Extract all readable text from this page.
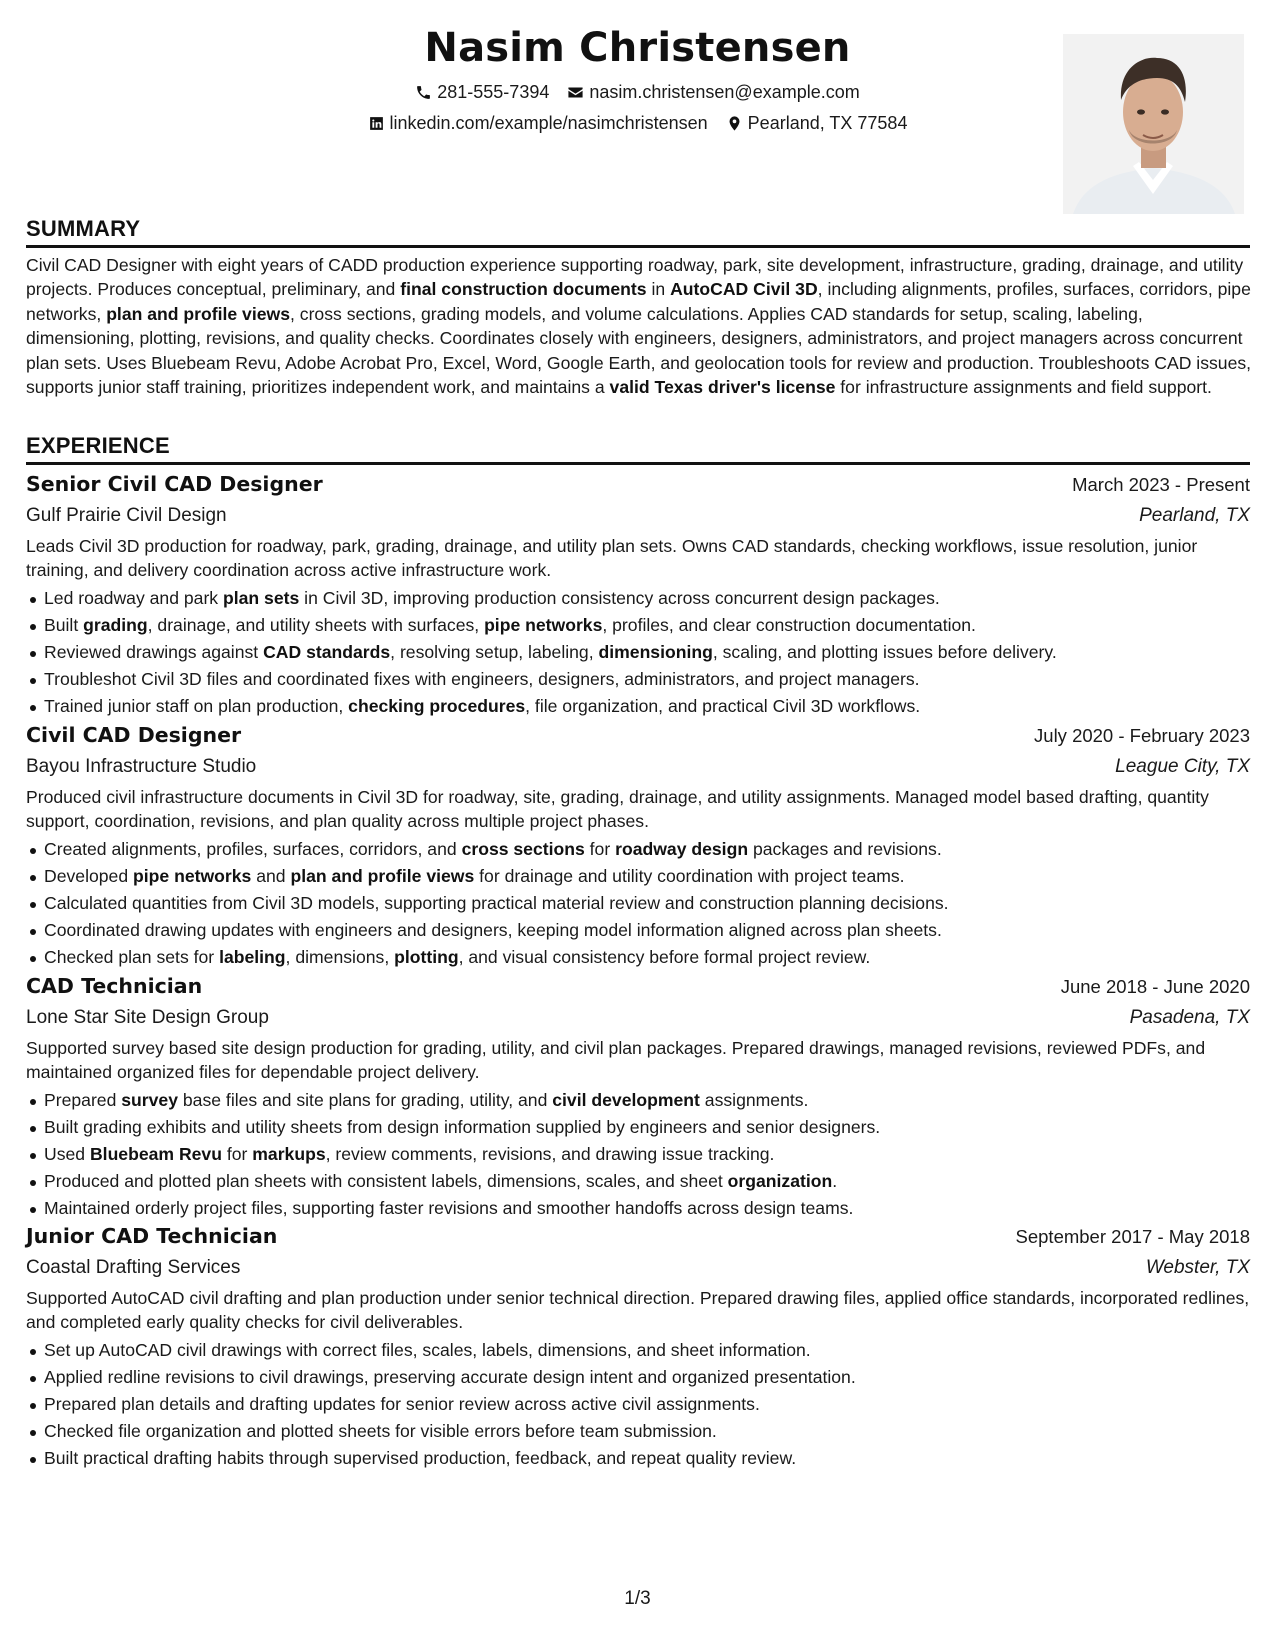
Nasim Christensen
281-555-7394 nasim.christensen@example.com
linkedin.com/example/nasimchristensen Pearland, TX 77584
SUMMARY
Civil CAD Designer with eight years of CADD production experience supporting roadway, park, site development, infrastructure, grading, drainage, and utility projects. Produces conceptual, preliminary, and final construction documents in AutoCAD Civil 3D, including alignments, profiles, surfaces, corridors, pipe networks, plan and profile views, cross sections, grading models, and volume calculations. Applies CAD standards for setup, scaling, labeling, dimensioning, plotting, revisions, and quality checks. Coordinates closely with engineers, designers, administrators, and project managers across concurrent plan sets. Uses Bluebeam Revu, Adobe Acrobat Pro, Excel, Word, Google Earth, and geolocation tools for review and production. Troubleshoots CAD issues, supports junior staff training, prioritizes independent work, and maintains a valid Texas driver's license for infrastructure assignments and field support.
EXPERIENCE
Senior Civil CAD Designer	March 2023 - Present
Gulf Prairie Civil Design	Pearland, TX
Leads Civil 3D production for roadway, park, grading, drainage, and utility plan sets. Owns CAD standards, checking workflows, issue resolution, junior training, and delivery coordination across active infrastructure work.
Led roadway and park plan sets in Civil 3D, improving production consistency across concurrent design packages.
Built grading, drainage, and utility sheets with surfaces, pipe networks, profiles, and clear construction documentation.
Reviewed drawings against CAD standards, resolving setup, labeling, dimensioning, scaling, and plotting issues before delivery.
Troubleshot Civil 3D files and coordinated fixes with engineers, designers, administrators, and project managers.
Trained junior staff on plan production, checking procedures, file organization, and practical Civil 3D workflows.
Civil CAD Designer	July 2020 - February 2023
Bayou Infrastructure Studio	League City, TX
Produced civil infrastructure documents in Civil 3D for roadway, site, grading, drainage, and utility assignments. Managed model based drafting, quantity support, coordination, revisions, and plan quality across multiple project phases.
Created alignments, profiles, surfaces, corridors, and cross sections for roadway design packages and revisions.
Developed pipe networks and plan and profile views for drainage and utility coordination with project teams.
Calculated quantities from Civil 3D models, supporting practical material review and construction planning decisions.
Coordinated drawing updates with engineers and designers, keeping model information aligned across plan sheets.
Checked plan sets for labeling, dimensions, plotting, and visual consistency before formal project review.
CAD Technician	June 2018 - June 2020
Lone Star Site Design Group	Pasadena, TX
Supported survey based site design production for grading, utility, and civil plan packages. Prepared drawings, managed revisions, reviewed PDFs, and maintained organized files for dependable project delivery.
Prepared survey base files and site plans for grading, utility, and civil development assignments.
Built grading exhibits and utility sheets from design information supplied by engineers and senior designers.
Used Bluebeam Revu for markups, review comments, revisions, and drawing issue tracking.
Produced and plotted plan sheets with consistent labels, dimensions, scales, and sheet organization.
Maintained orderly project files, supporting faster revisions and smoother handoffs across design teams.
Junior CAD Technician	September 2017 - May 2018
Coastal Drafting Services	Webster, TX
Supported AutoCAD civil drafting and plan production under senior technical direction. Prepared drawing files, applied office standards, incorporated redlines, and completed early quality checks for civil deliverables.
Set up AutoCAD civil drawings with correct files, scales, labels, dimensions, and sheet information.
Applied redline revisions to civil drawings, preserving accurate design intent and organized presentation.
Prepared plan details and drafting updates for senior review across active civil assignments.
Checked file organization and plotted sheets for visible errors before team submission.
Built practical drafting habits through supervised production, feedback, and repeat quality review.
1/3
